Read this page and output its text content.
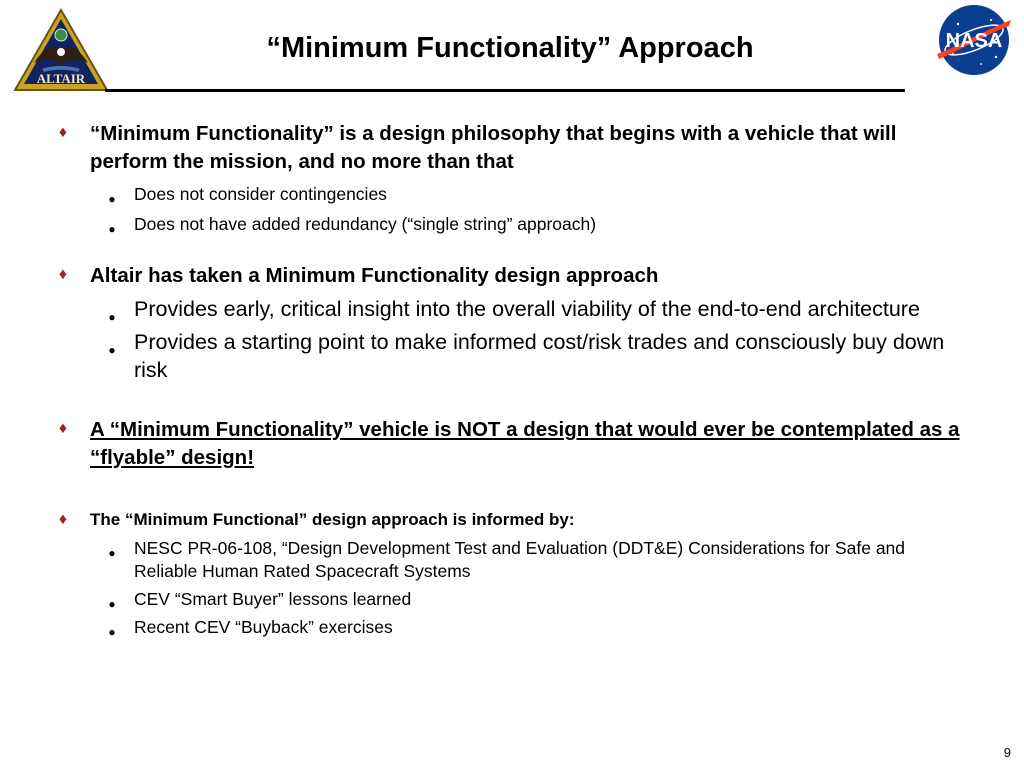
ALTAIR
NASA
“Minimum Functionality” Approach
♦ “Minimum Functionality” is a design philosophy that begins with a vehicle that will perform the mission, and no more than that

● Does not consider contingencies
● Does not have added redundancy (“single string” approach)
♦ Altair has taken a Minimum Functionality design approach

● Provides early, critical insight into the overall viability of the end-to-end architecture
● Provides a starting point to make informed cost/risk trades and consciously buy down risk
♦ A “Minimum Functionality” vehicle is NOT a design that would ever be contemplated as a “flyable” design!

♦ The “Minimum Functional” design approach is informed by:

● NESC PR-06-108, “Design Development Test and Evaluation (DDT&E) Considerations for Safe and Reliable Human Rated Spacecraft Systems
● CEV “Smart Buyer” lessons learned
● Recent CEV “Buyback” exercises
9
